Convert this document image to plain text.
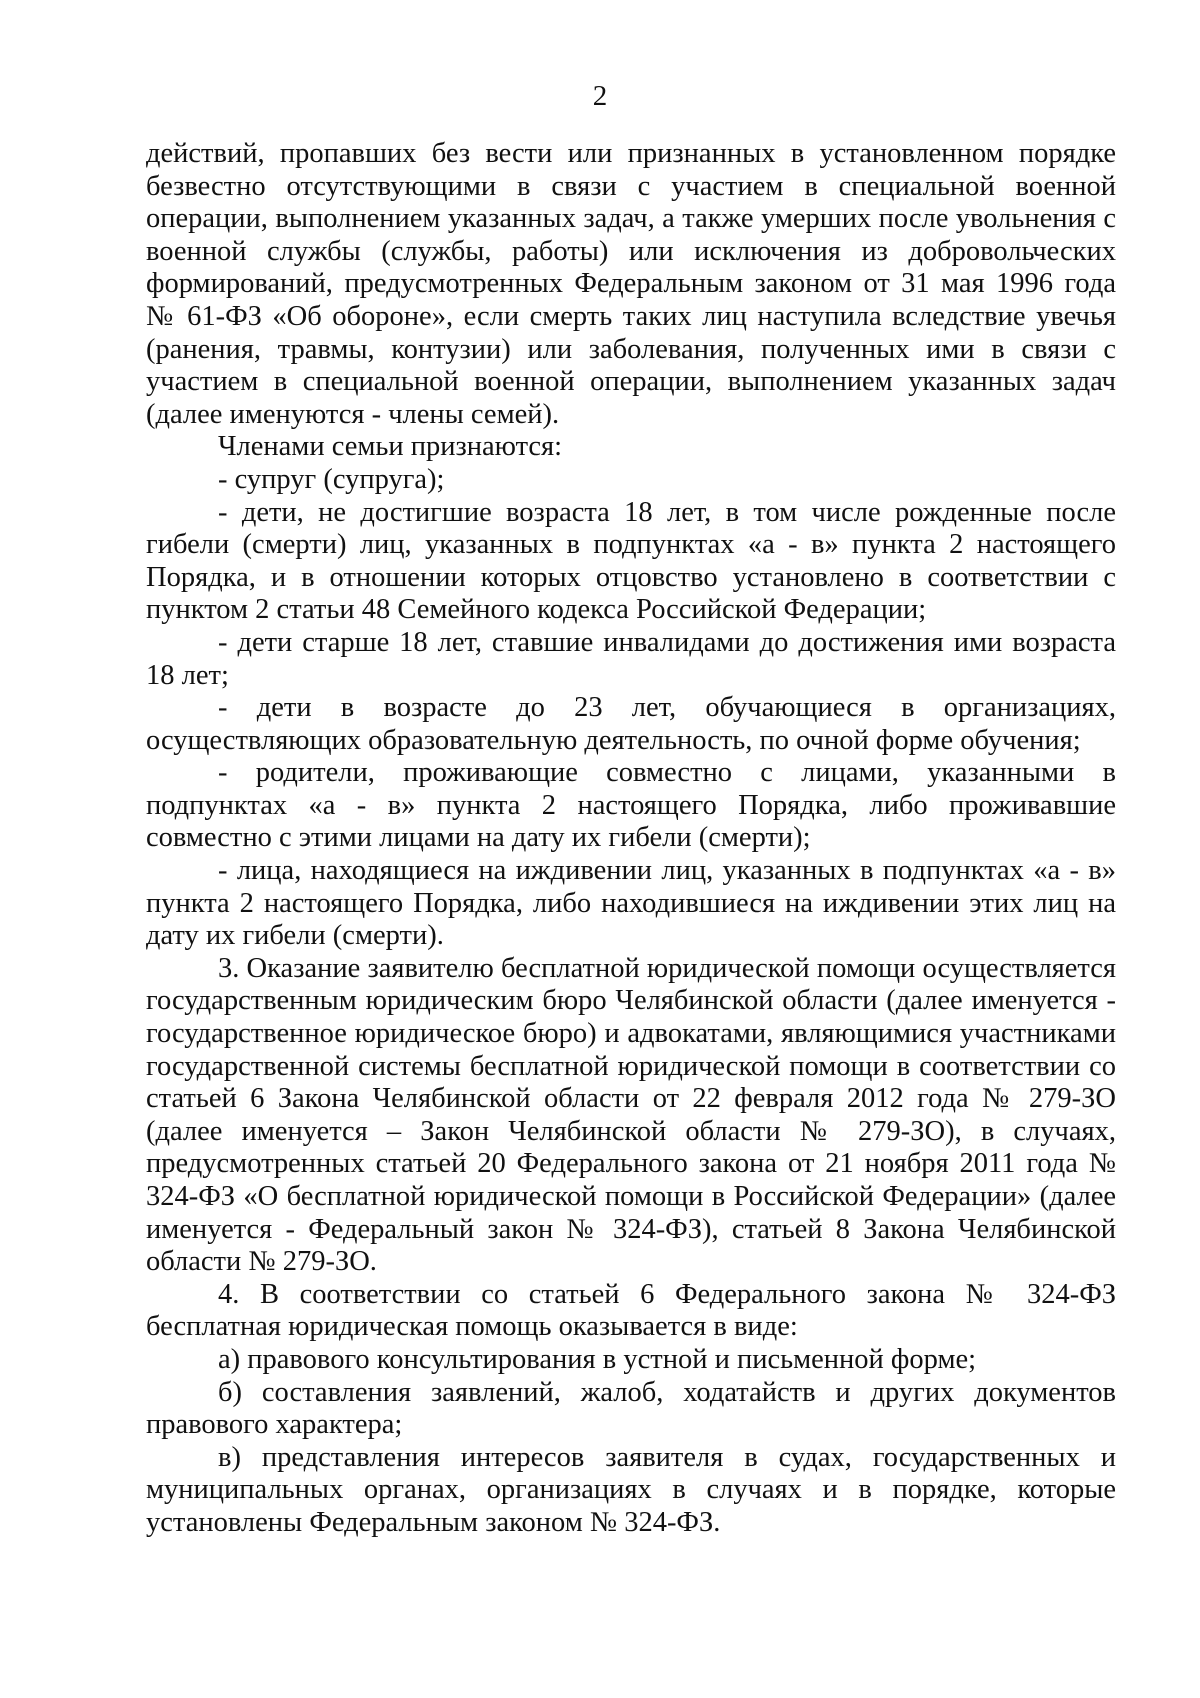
2

действий, пропавших без вести или признанных в установленном порядке безвестно отсутствующими в связи с участием в специальной военной операции, выполнением указанных задач, а также умерших после увольнения с военной службы (службы, работы) или исключения из добровольческих формирований, предусмотренных Федеральным законом от 31 мая 1996 года № 61-ФЗ «Об обороне», если смерть таких лиц наступила вследствие увечья (ранения, травмы, контузии) или заболевания, полученных ими в связи с участием в специальной военной операции, выполнением указанных задач (далее именуются - члены семей).

Членами семьи признаются:

- супруг (супруга);

- дети, не достигшие возраста 18 лет, в том числе рожденные после гибели (смерти) лиц, указанных в подпунктах «а - в» пункта 2 настоящего Порядка, и в отношении которых отцовство установлено в соответствии с пунктом 2 статьи 48 Семейного кодекса Российской Федерации;

- дети старше 18 лет, ставшие инвалидами до достижения ими возраста 18 лет;

- дети в возрасте до 23 лет, обучающиеся в организациях, осуществляющих образовательную деятельность, по очной форме обучения;

- родители, проживающие совместно с лицами, указанными в подпунктах «а - в» пункта 2 настоящего Порядка, либо проживавшие совместно с этими лицами на дату их гибели (смерти);

- лица, находящиеся на иждивении лиц, указанных в подпунктах «а - в» пункта 2 настоящего Порядка, либо находившиеся на иждивении этих лиц на дату их гибели (смерти).

3. Оказание заявителю бесплатной юридической помощи осуществляется государственным юридическим бюро Челябинской области (далее именуется - государственное юридическое бюро) и адвокатами, являющимися участниками государственной системы бесплатной юридической помощи в соответствии со статьей 6 Закона Челябинской области от 22 февраля 2012 года № 279-ЗО (далее именуется – Закон Челябинской области № 279-ЗО), в случаях, предусмотренных статьей 20 Федерального закона от 21 ноября 2011 года № 324-ФЗ «О бесплатной юридической помощи в Российской Федерации» (далее именуется - Федеральный закон № 324-ФЗ), статьей 8 Закона Челябинской области № 279-ЗО.

4. В соответствии со статьей 6 Федерального закона № 324-ФЗ бесплатная юридическая помощь оказывается в виде:

а) правового консультирования в устной и письменной форме;

б) составления заявлений, жалоб, ходатайств и других документов правового характера;

в) представления интересов заявителя в судах, государственных и муниципальных органах, организациях в случаях и в порядке, которые установлены Федеральным законом № 324-ФЗ.
